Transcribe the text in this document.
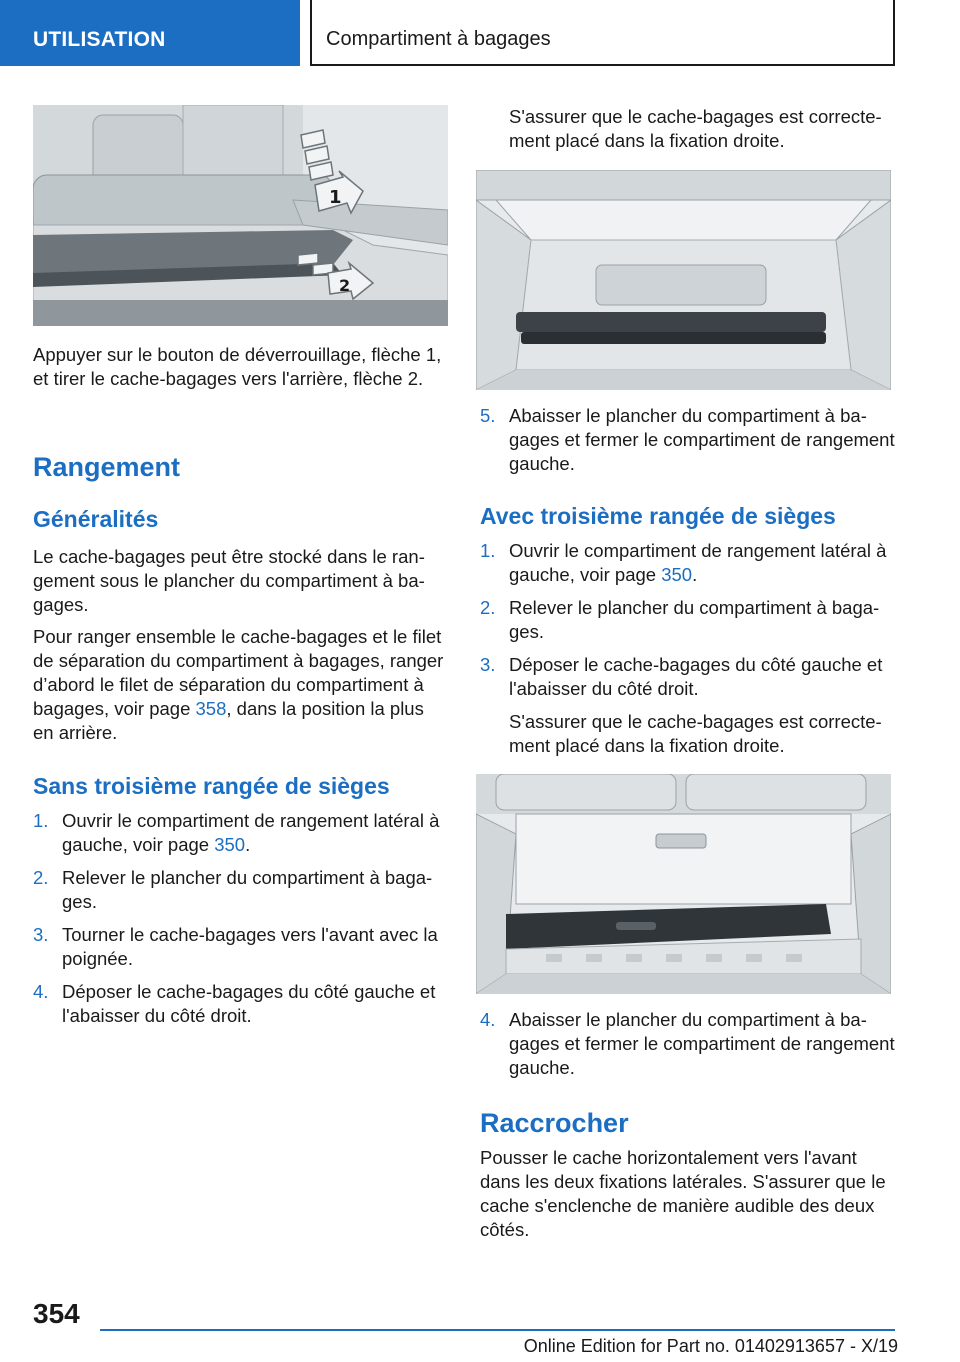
UTILISATION	Compartiment à bagages
1
2

Appuyer sur le bouton de déverrouillage, flèche 1, et tirer le cache-bagages vers l'arrière, flèche 2.

Rangement
Généralités

Le cache-bagages peut être stocké dans le rangement sous le plancher du compartiment à bagages.

Pour ranger ensemble le cache-bagages et le filet de séparation du compartiment à bagages, ranger d’abord le filet de séparation du compartiment à bagages, voir page 358, dans la position la plus en arrière.

Sans troisième rangée de sièges
1. Ouvrir le compartiment de rangement latéral à gauche, voir page 350.
2. Relever le plancher du compartiment à bagages.
3. Tourner le cache-bagages vers l'avant avec la poignée.
4. Déposer le cache-bagages du côté gauche et l'abaisser du côté droit.

S'assurer que le cache-bagages est correctement placé dans la fixation droite.

5. Abaisser le plancher du compartiment à bagages et fermer le compartiment de rangement gauche.
Avec troisième rangée de sièges
1. Ouvrir le compartiment de rangement latéral à gauche, voir page 350.
2. Relever le plancher du compartiment à bagages.
3. Déposer le cache-bagages du côté gauche et l'abaisser du côté droit.
S'assurer que le cache-bagages est correctement placé dans la fixation droite.
4. Abaisser le plancher du compartiment à bagages et fermer le compartiment de rangement gauche.
Raccrocher

Pousser le cache horizontalement vers l'avant dans les deux fixations latérales. S'assurer que le cache s'enclenche de manière audible des deux côtés.

354
Online Edition for Part no. 01402913657 - X/19
